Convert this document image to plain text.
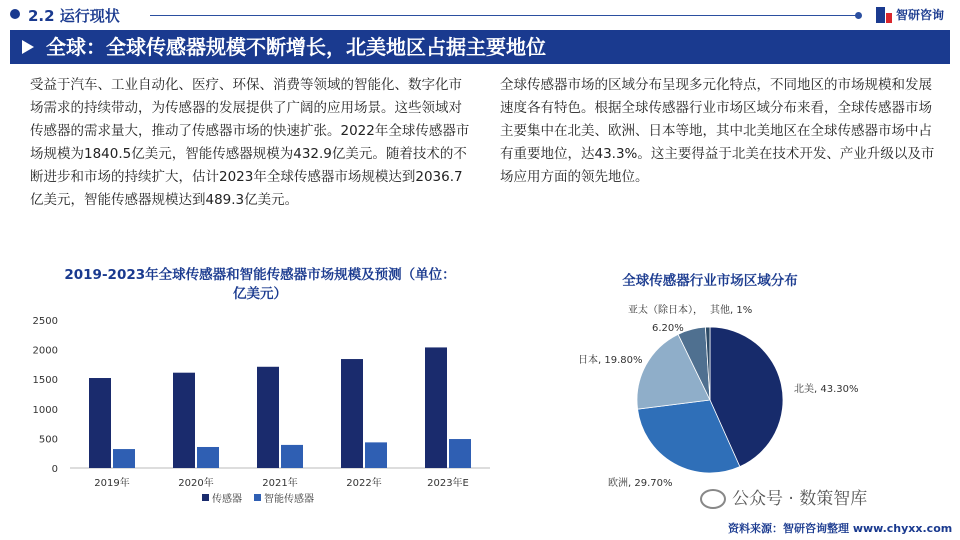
2.2 运行现状	智研咨询
全球：全球传感器规模不断增长，北美地区占据主要地位
受益于汽车、工业自动化、医疗、环保、消费等领域的智能化、数字化市场需求的持续带动，为传感器的发展提供了广阔的应用场景。这些领域对传感器的需求量大，推动了传感器市场的快速扩张。2022年全球传感器市场规模为1840.5亿美元，智能传感器规模为432.9亿美元。随着技术的不断进步和市场的持续扩大，估计2023年全球传感器市场规模达到2036.7亿美元，智能传感器规模达到489.3亿美元。
全球传感器市场的区域分布呈现多元化特点，不同地区的市场规模和发展速度各有特色。根据全球传感器行业市场区域分布来看，全球传感器市场主要集中在北美、欧洲、日本等地，其中北美地区在全球传感器市场中占有重要地位，达43.3%。这主要得益于北美在技术开发、产业升级以及市场应用方面的领先地位。
2019-2023年全球传感器和智能传感器市场规模及预测（单位：亿美元）
0
500
1000
1500
2000
2500
2019年	2020年	2021年	2022年	2023年E
传感器 智能传感器
全球传感器行业市场区域分布
北美, 43.30%
欧洲, 29.70%
日本, 19.80%
亚太（除日本），
6.20%
其他, 1%
公众号 · 数策智库
资料来源：智研咨询整理 www.chyxx.com
